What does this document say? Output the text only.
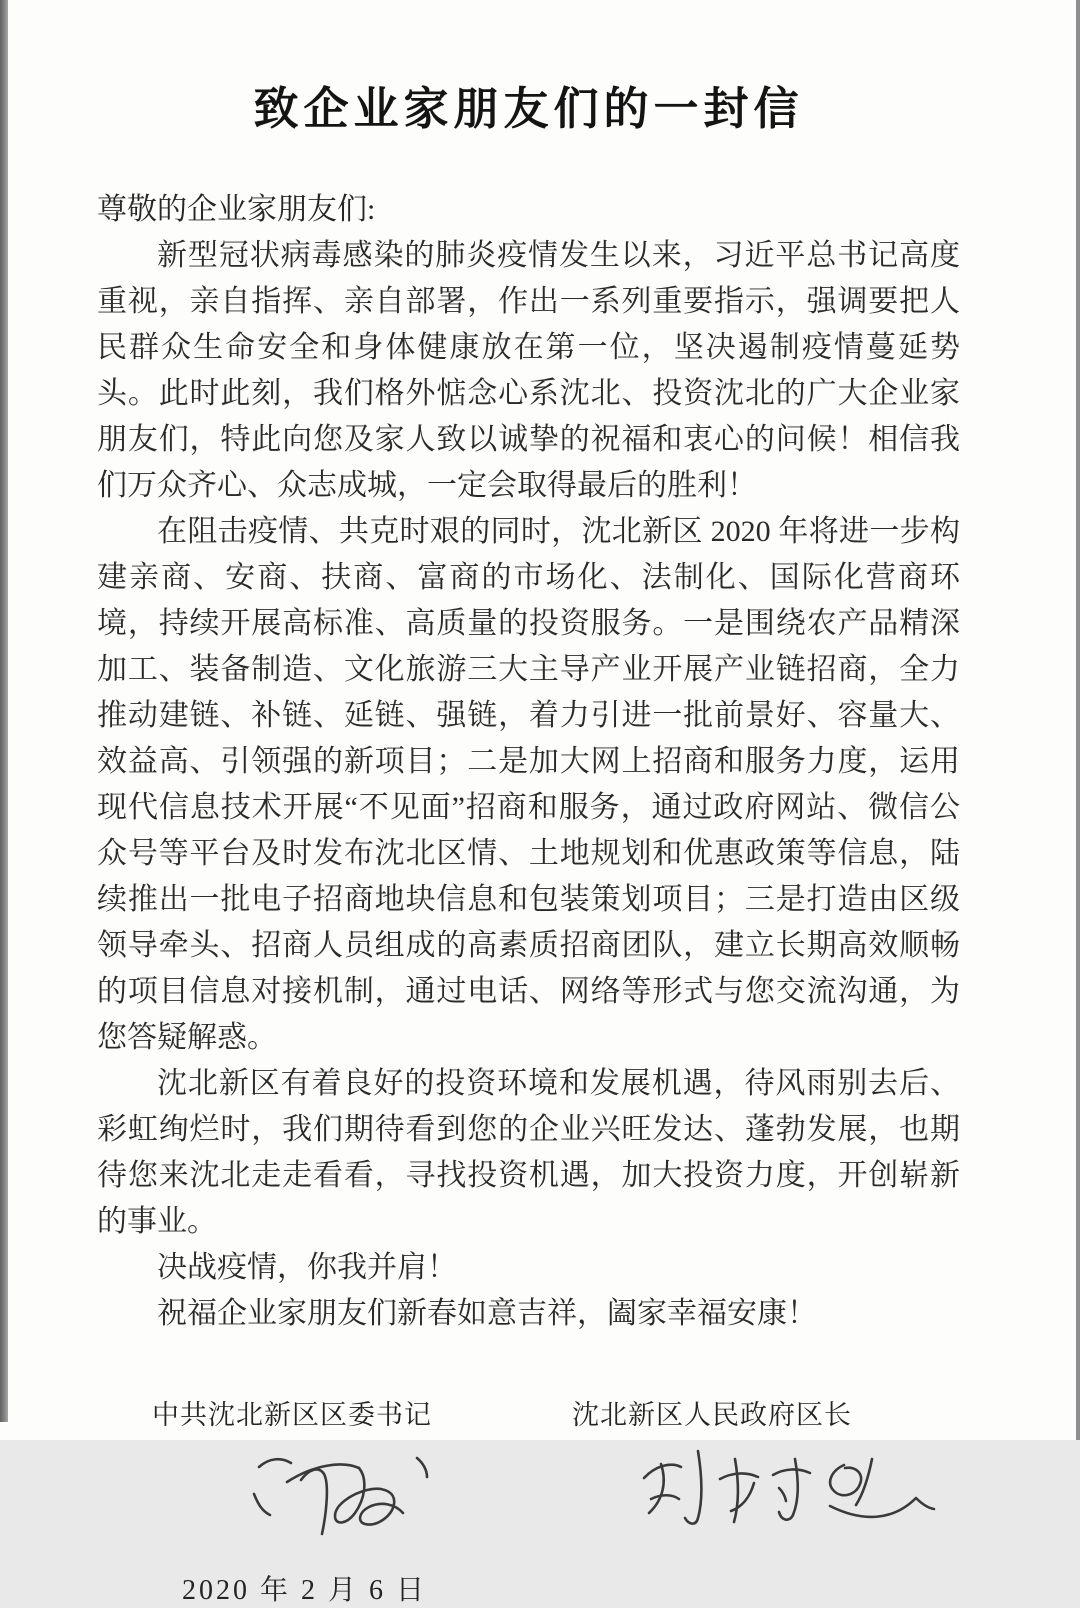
致企业家朋友们的一封信
尊敬的企业家朋友们:

新型冠状病毒感染的肺炎疫情发生以来，习近平总书记高度重视，亲自指挥、亲自部署，作出一系列重要指示，强调要把人民群众生命安全和身体健康放在第一位，坚决遏制疫情蔓延势头。此时此刻，我们格外惦念心系沈北、投资沈北的广大企业家朋友们，特此向您及家人致以诚挚的祝福和衷心的问候！相信我们万众齐心、众志成城，一定会取得最后的胜利！

在阻击疫情、共克时艰的同时，沈北新区 2020 年将进一步构建亲商、安商、扶商、富商的市场化、法制化、国际化营商环境，持续开展高标准、高质量的投资服务。一是围绕农产品精深加工、装备制造、文化旅游三大主导产业开展产业链招商，全力推动建链、补链、延链、强链，着力引进一批前景好、容量大、效益高、引领强的新项目；二是加大网上招商和服务力度，运用现代信息技术开展“不见面”招商和服务，通过政府网站、微信公众号等平台及时发布沈北区情、土地规划和优惠政策等信息，陆续推出一批电子招商地块信息和包装策划项目；三是打造由区级领导牵头、招商人员组成的高素质招商团队，建立长期高效顺畅的项目信息对接机制，通过电话、网络等形式与您交流沟通，为您答疑解惑。

沈北新区有着良好的投资环境和发展机遇，待风雨别去后、彩虹绚烂时，我们期待看到您的企业兴旺发达、蓬勃发展，也期待您来沈北走走看看，寻找投资机遇，加大投资力度，开创崭新的事业。

决战疫情，你我并肩！

祝福企业家朋友们新春如意吉祥，阖家幸福安康！

中共沈北新区区委书记	沈北新区人民政府区长
2020 年 2 月 6 日
